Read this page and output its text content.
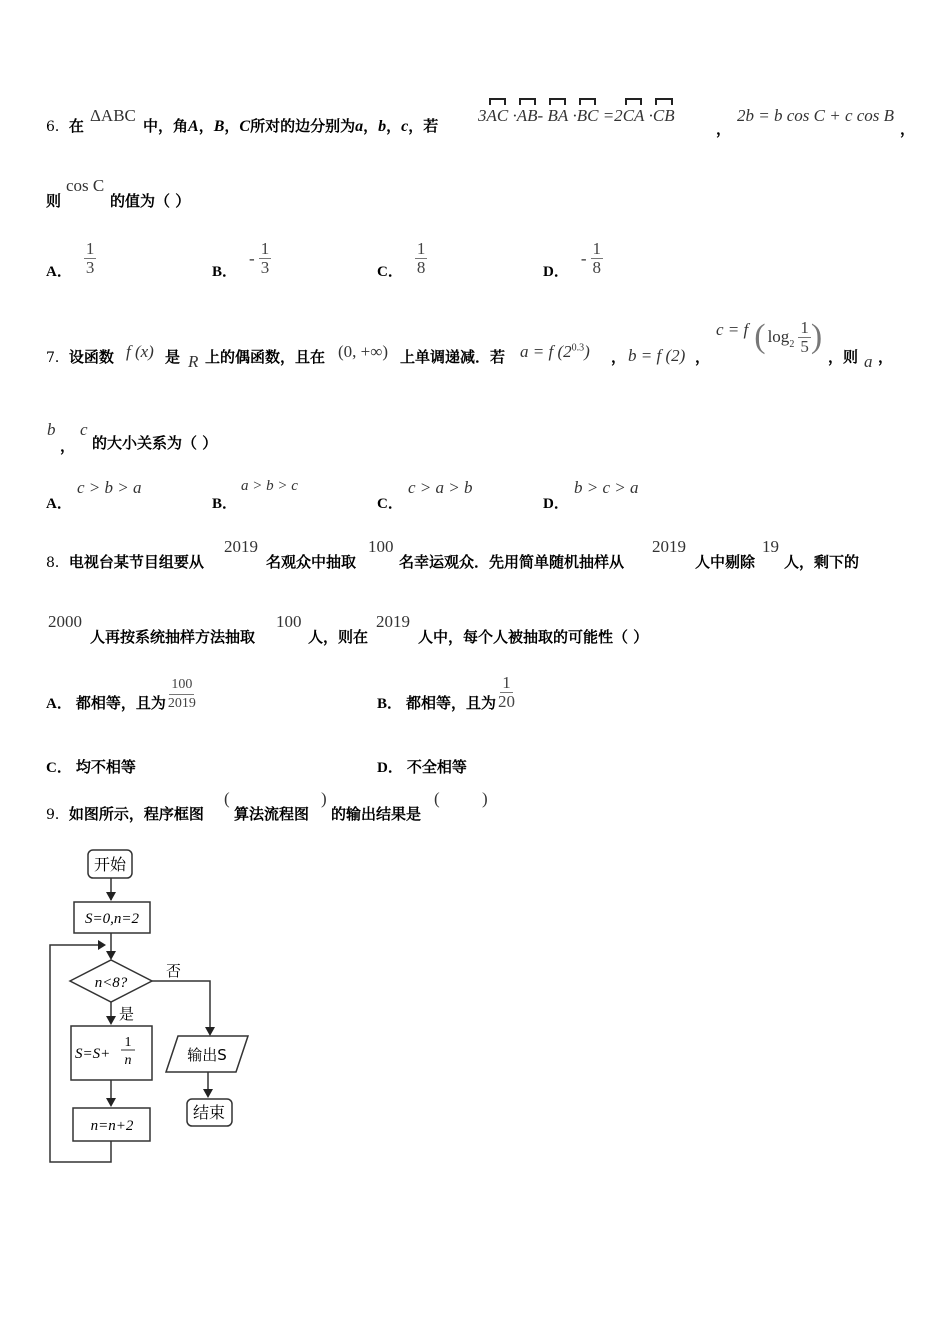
6．在
ΔABC
中，角A，B，C所对的边分别为a，b，c，若
3AC ·AB- BA ·BC =2CA ·CB
，
2b = b cos C + c cos B
，
则
cos C
的值为（ ）
A． $\frac{1}{3}$	B．
- $\frac{1}{3}$	C． $\frac{1}{8}$	D．
- $\frac{1}{8}$
7．设函数 f (x) 是 R 上的偶函数，且在 (0, +∞) 上单调递减．若 a = f $(2^{0.3})$ ， b = f (2) ，
c = f ( $\log_2 \frac{1}{5}$ )
，则 a ，
b
，
c
的大小关系为（ ）
A．
c > b > a
B．
a > b > c
C．
c > a > b
D．
b > c > a
8．电视台某节目组要从
2019
名观众中抽取
100
名幸运观众．先用简单随机抽样从
2019
人中剔除
19
人，剩下的
2000
人再按系统抽样方法抽取
100
人，则在
2019
人中，每个人被抽取的可能性（ ）
A． 都相等，且为 $\frac{100}{2019}$	B． 都相等，且为 $\frac{1}{20}$
C． 均不相等	D． 不全相等
9．如图所示，程序框图
(
算法流程图
)
的输出结果是
( )
开始
S=0,n=2
n<8?
否
是
S=S+
1
n
n=n+2
输出S
结束
